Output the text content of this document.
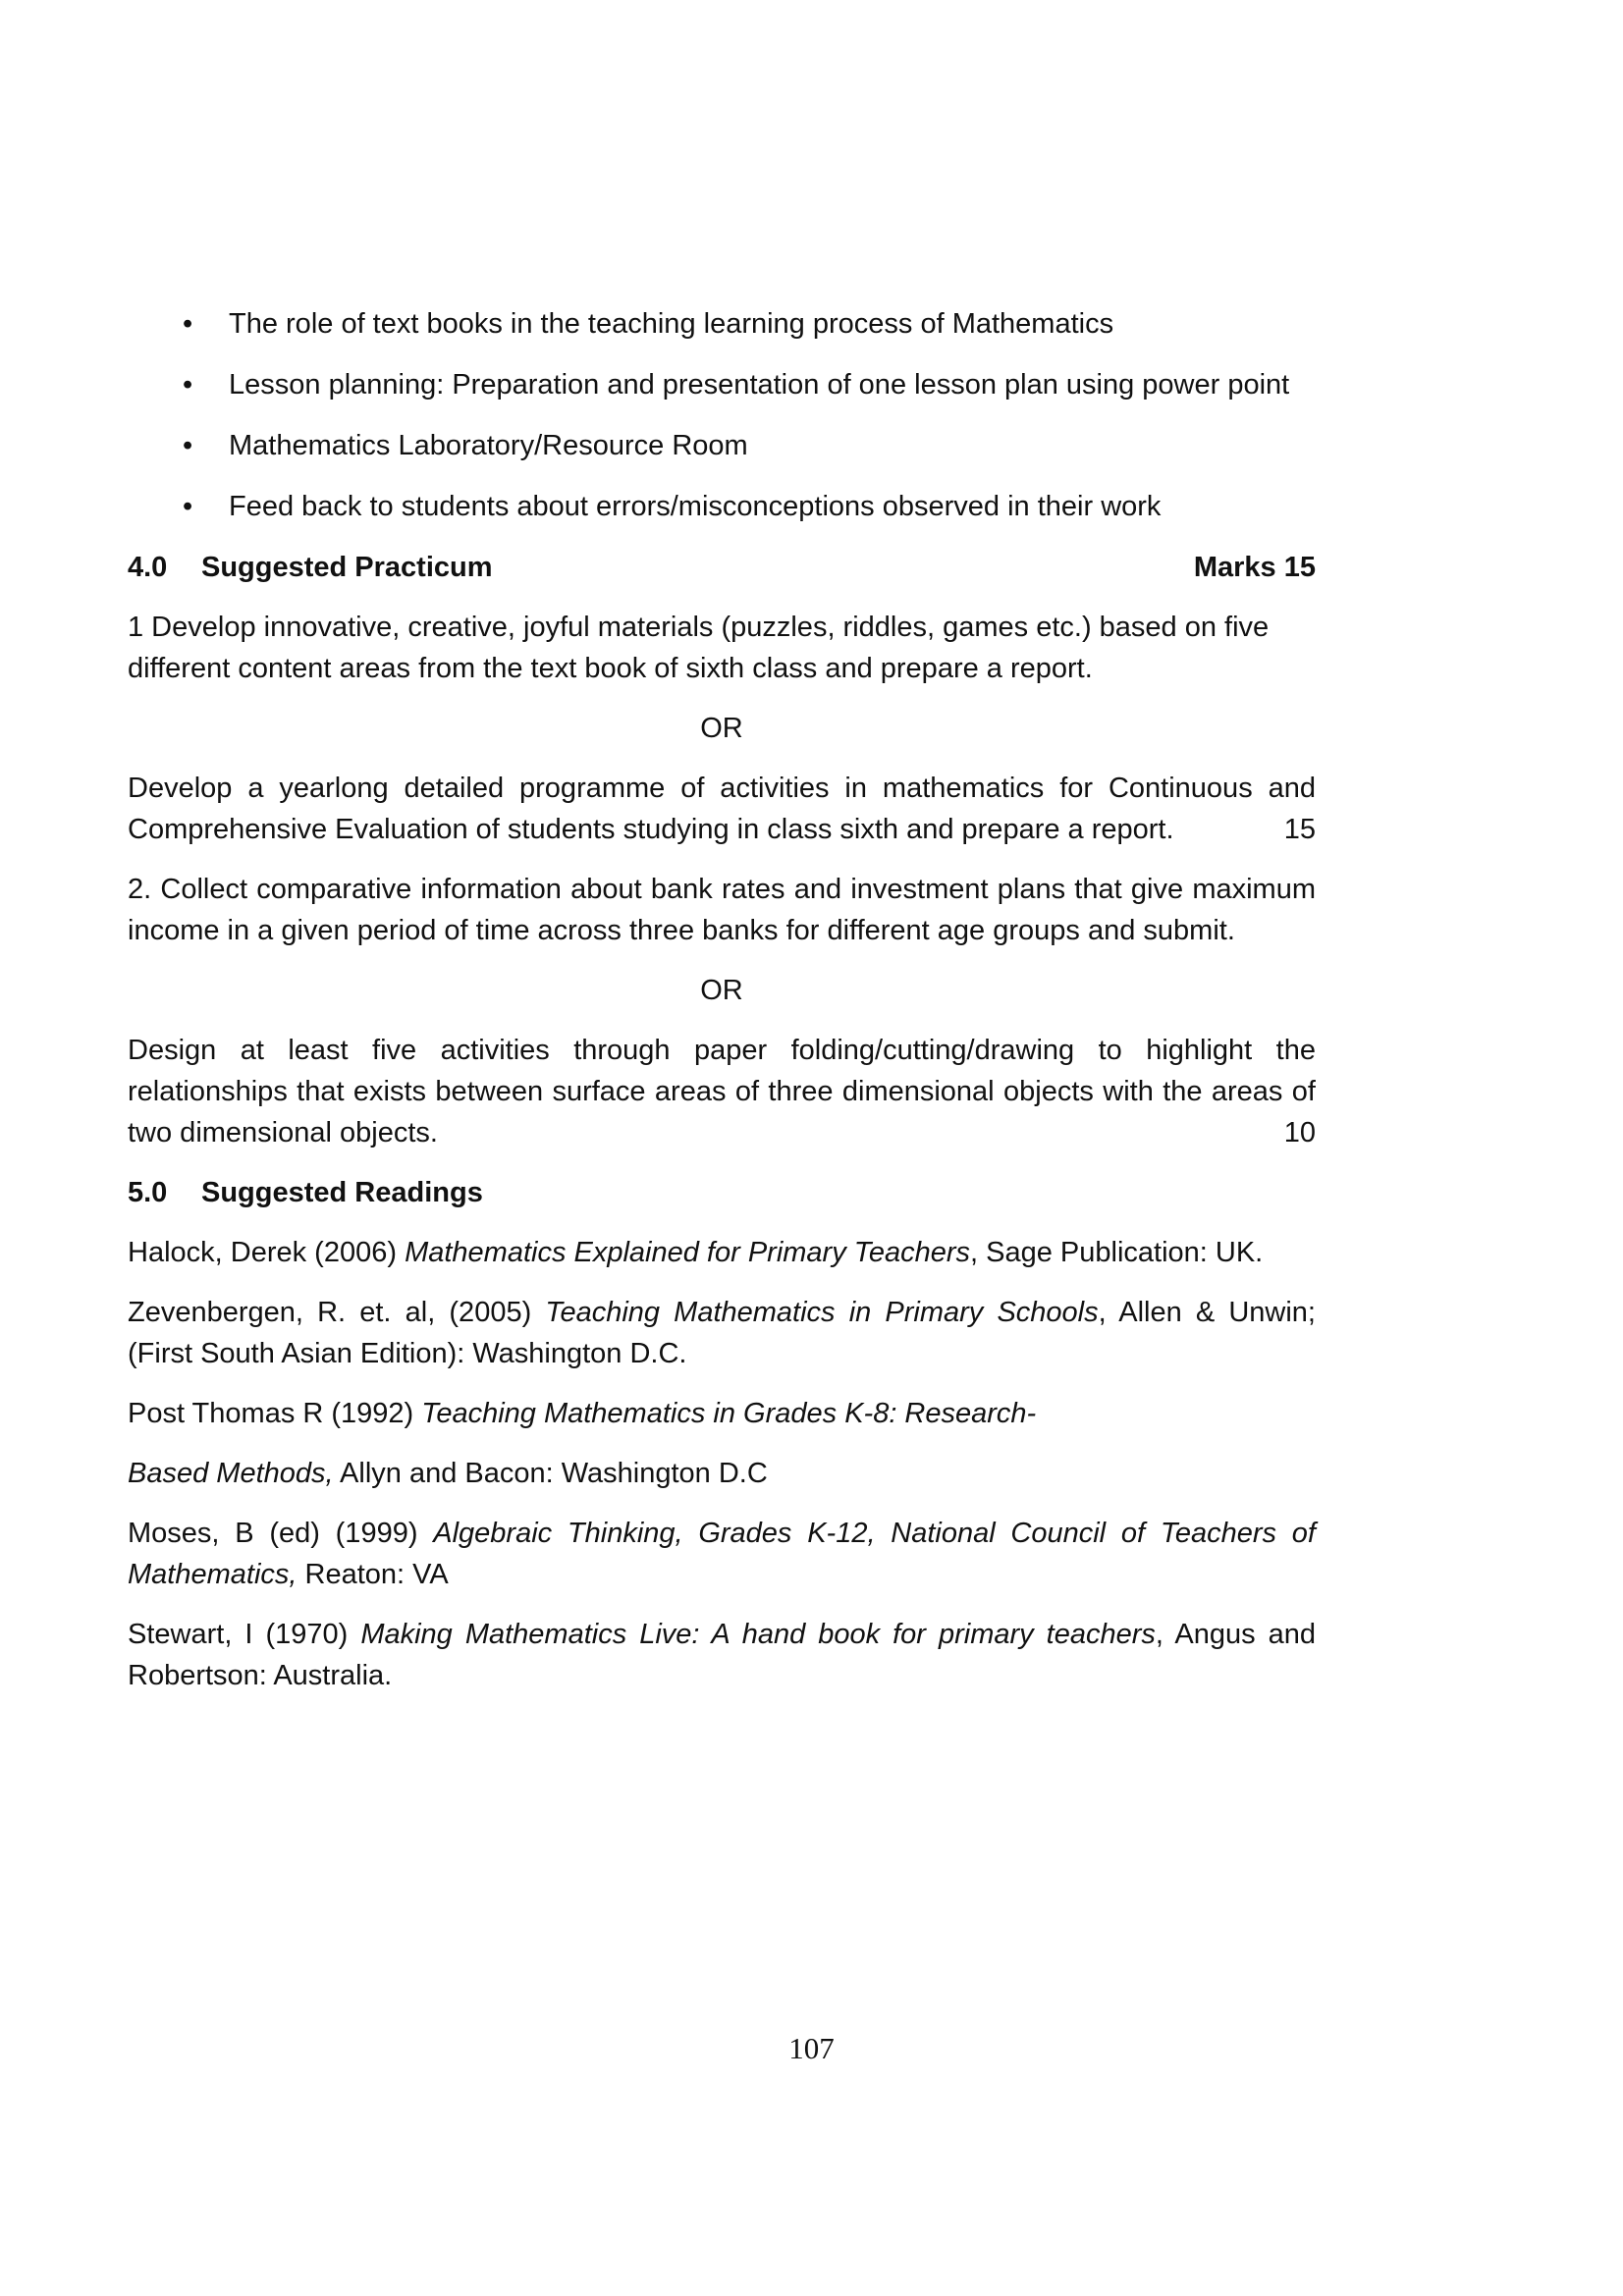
• The role of text books in the teaching learning process of Mathematics
• Lesson planning: Preparation and presentation of one lesson plan using power point
• Mathematics Laboratory/Resource Room
• Feed back to students about errors/misconceptions observed in their work
4.0 Suggested Practicum	Marks 15

1 Develop innovative, creative, joyful materials (puzzles, riddles, games etc.) based on five different content areas from the text book of sixth class and prepare a report.

OR

Develop a yearlong detailed programme of activities in mathematics for Continuous and Comprehensive Evaluation of students studying in class sixth and prepare a report.	15

2. Collect comparative information about bank rates and investment plans that give maximum income in a given period of time across three banks for different age groups and submit.

OR

Design at least five activities through paper folding/cutting/drawing to highlight the relationships that exists between surface areas of three dimensional objects with the areas of two dimensional objects.	10

5.0 Suggested Readings

Halock, Derek (2006) Mathematics Explained for Primary Teachers, Sage Publication: UK.

Zevenbergen, R. et. al, (2005) Teaching Mathematics in Primary Schools, Allen & Unwin; (First South Asian Edition): Washington D.C.

Post Thomas R (1992) Teaching Mathematics in Grades K-8: Research-

Based Methods, Allyn and Bacon: Washington D.C

Moses, B (ed) (1999) Algebraic Thinking, Grades K-12, National Council of Teachers of Mathematics, Reaton: VA

Stewart, I (1970) Making Mathematics Live: A hand book for primary teachers, Angus and Robertson: Australia.

107
